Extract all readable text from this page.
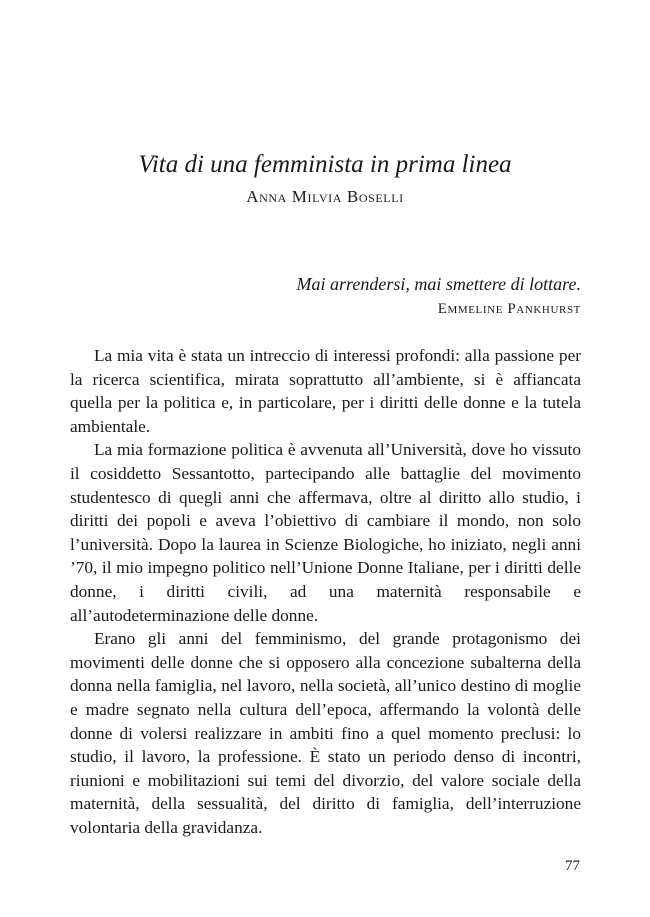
Vita di una femminista in prima linea

Anna Milvia Boselli

Mai arrendersi, mai smettere di lottare.
Emmeline Pankhurst

La mia vita è stata un intreccio di interessi profondi: alla passione per la ricerca scientifica, mirata soprattutto all’ambiente, si è affiancata quella per la politica e, in particolare, per i diritti delle donne e la tutela ambientale.

La mia formazione politica è avvenuta all’Università, dove ho vissuto il cosiddetto Sessantotto, partecipando alle battaglie del movimento studentesco di quegli anni che affermava, oltre al diritto allo studio, i diritti dei popoli e aveva l’obiettivo di cambiare il mondo, non solo l’università. Dopo la laurea in Scienze Biologiche, ho iniziato, negli anni ’70, il mio impegno politico nell’Unione Donne Italiane, per i diritti delle donne, i diritti civili, ad una maternità responsabile e all’autodeterminazione delle donne.

Erano gli anni del femminismo, del grande protagonismo dei movimenti delle donne che si opposero alla concezione subalterna della donna nella famiglia, nel lavoro, nella società, all’unico destino di moglie e madre segnato nella cultura dell’epoca, affermando la volontà delle donne di volersi realizzare in ambiti fino a quel momento preclusi: lo studio, il lavoro, la professione. È stato un periodo denso di incontri, riunioni e mobilitazioni sui temi del divorzio, del valore sociale della maternità, della sessualità, del diritto di famiglia, dell’interruzione volontaria della gravidanza.

77
